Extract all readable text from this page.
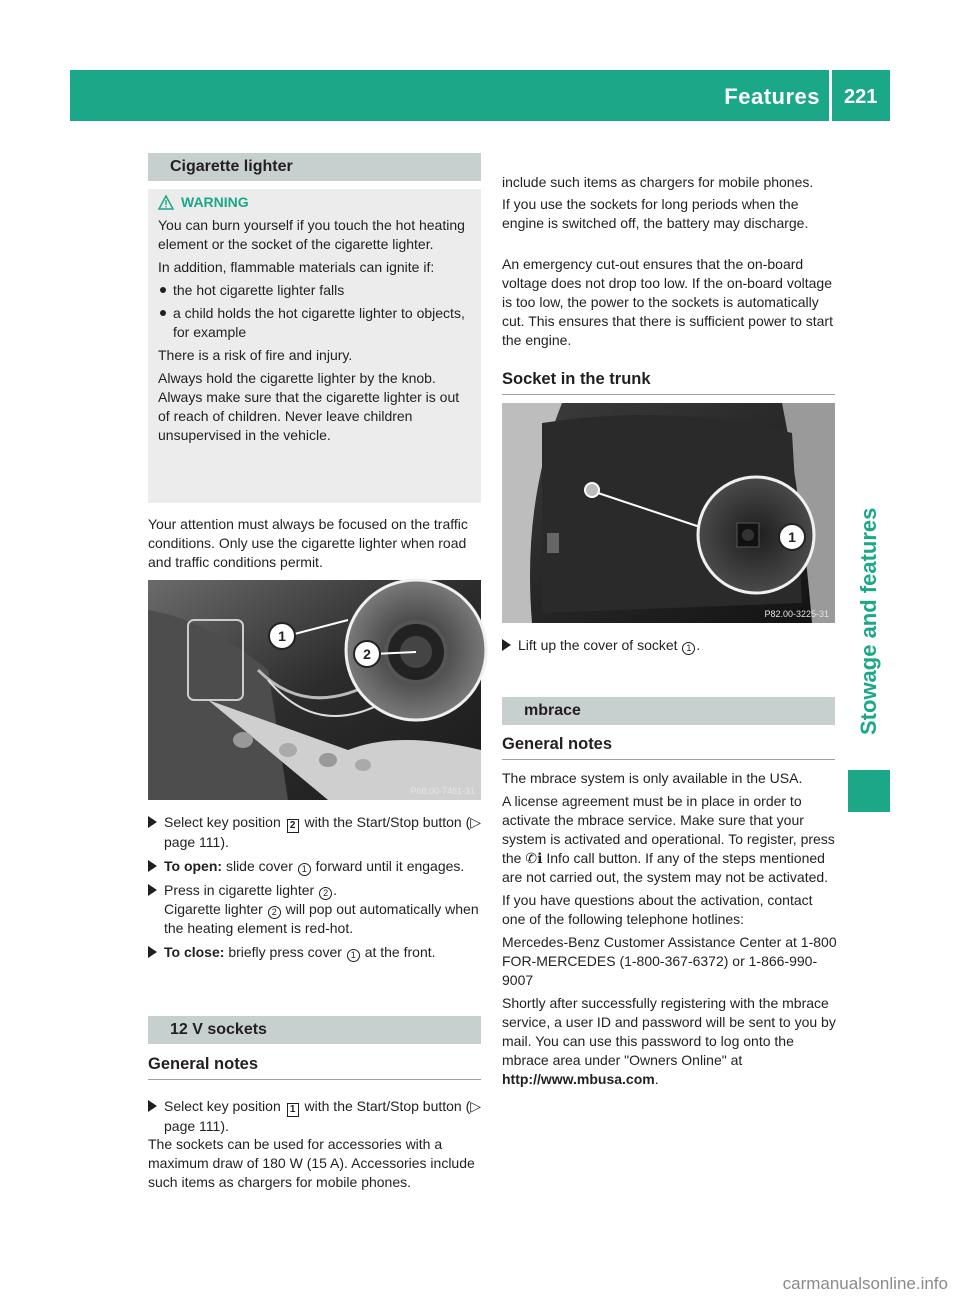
Features 221
Stowage and features
Cigarette lighter
WARNING

You can burn yourself if you touch the hot heating element or the socket of the cigarette lighter.

In addition, flammable materials can ignite if:

the hot cigarette lighter falls

a child holds the hot cigarette lighter to objects, for example

There is a risk of fire and injury.

Always hold the cigarette lighter by the knob. Always make sure that the cigarette lighter is out of reach of children. Never leave children unsupervised in the vehicle.

Your attention must always be focused on the traffic conditions. Only use the cigarette lighter when road and traffic conditions permit.

1
2
P68.00-7461-31

Select key position 2 with the Start/Stop button (▷ page 111).

To open: slide cover 1 forward until it engages.

Press in cigarette lighter 2 .
Cigarette lighter 2 will pop out automatically when the heating element is red-hot.

To close: briefly press cover 1 at the front.

12 V sockets
General notes

Select key position 1 with the Start/Stop button (▷ page 111).

The sockets can be used for accessories with a maximum draw of 180 W (15 A). Accessories include such items as chargers for mobile phones.

include such items as chargers for mobile phones.

If you use the sockets for long periods when the engine is switched off, the battery may discharge.

An emergency cut-out ensures that the on-board voltage does not drop too low. If the on-board voltage is too low, the power to the sockets is automatically cut. This ensures that there is sufficient power to start the engine.

Socket in the trunk
1
P82.00-3225-31

Lift up the cover of socket 1 .

mbrace
General notes

The mbrace system is only available in the USA.

A license agreement must be in place in order to activate the mbrace service. Make sure that your system is activated and operational. To register, press the ✆ℹ Info call button. If any of the steps mentioned are not carried out, the system may not be activated.

If you have questions about the activation, contact one of the following telephone hotlines:

Mercedes-Benz Customer Assistance Center at 1-800 FOR-MERCEDES (1-800-367-6372) or 1-866-990-9007

Shortly after successfully registering with the mbrace service, a user ID and password will be sent to you by mail. You can use this password to log onto the mbrace area under "Owners Online" at http://www.mbusa.com.

carmanualsonline.info
